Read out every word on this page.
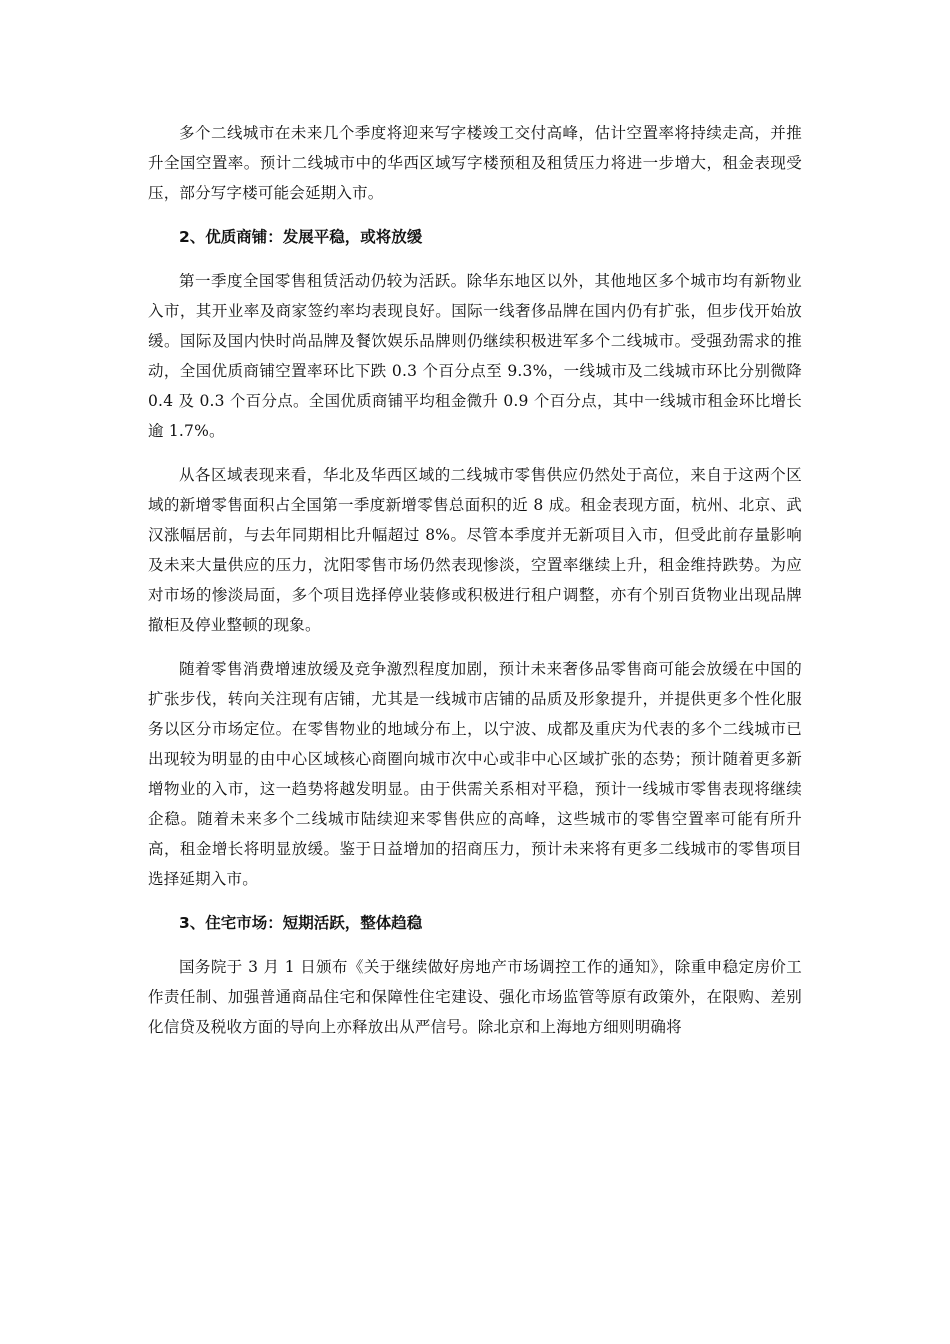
多个二线城市在未来几个季度将迎来写字楼竣工交付高峰，估计空置率将持续走高，并推升全国空置率。预计二线城市中的华西区域写字楼预租及租赁压力将进一步增大，租金表现受压，部分写字楼可能会延期入市。

2、优质商铺：发展平稳，或将放缓

第一季度全国零售租赁活动仍较为活跃。除华东地区以外，其他地区多个城市均有新物业入市，其开业率及商家签约率均表现良好。国际一线奢侈品牌在国内仍有扩张，但步伐开始放缓。国际及国内快时尚品牌及餐饮娱乐品牌则仍继续积极进军多个二线城市。受强劲需求的推动，全国优质商铺空置率环比下跌 0.3 个百分点至 9.3%，一线城市及二线城市环比分别微降 0.4 及 0.3 个百分点。全国优质商铺平均租金微升 0.9 个百分点，其中一线城市租金环比增长逾 1.7%。

从各区域表现来看，华北及华西区域的二线城市零售供应仍然处于高位，来自于这两个区域的新增零售面积占全国第一季度新增零售总面积的近 8 成。租金表现方面，杭州、北京、武汉涨幅居前，与去年同期相比升幅超过 8%。尽管本季度并无新项目入市，但受此前存量影响及未来大量供应的压力，沈阳零售市场仍然表现惨淡，空置率继续上升，租金维持跌势。为应对市场的惨淡局面，多个项目选择停业装修或积极进行租户调整，亦有个别百货物业出现品牌撤柜及停业整顿的现象。

随着零售消费增速放缓及竞争激烈程度加剧，预计未来奢侈品零售商可能会放缓在中国的扩张步伐，转向关注现有店铺，尤其是一线城市店铺的品质及形象提升，并提供更多个性化服务以区分市场定位。在零售物业的地域分布上，以宁波、成都及重庆为代表的多个二线城市已出现较为明显的由中心区域核心商圈向城市次中心或非中心区域扩张的态势；预计随着更多新增物业的入市，这一趋势将越发明显。由于供需关系相对平稳，预计一线城市零售表现将继续企稳。随着未来多个二线城市陆续迎来零售供应的高峰，这些城市的零售空置率可能有所升高，租金增长将明显放缓。鉴于日益增加的招商压力，预计未来将有更多二线城市的零售项目选择延期入市。

3、住宅市场：短期活跃，整体趋稳

国务院于 3 月 1 日颁布《关于继续做好房地产市场调控工作的通知》，除重申稳定房价工作责任制、加强普通商品住宅和保障性住宅建设、强化市场监管等原有政策外，在限购、差别化信贷及税收方面的导向上亦释放出从严信号。除北京和上海地方细则明确将
